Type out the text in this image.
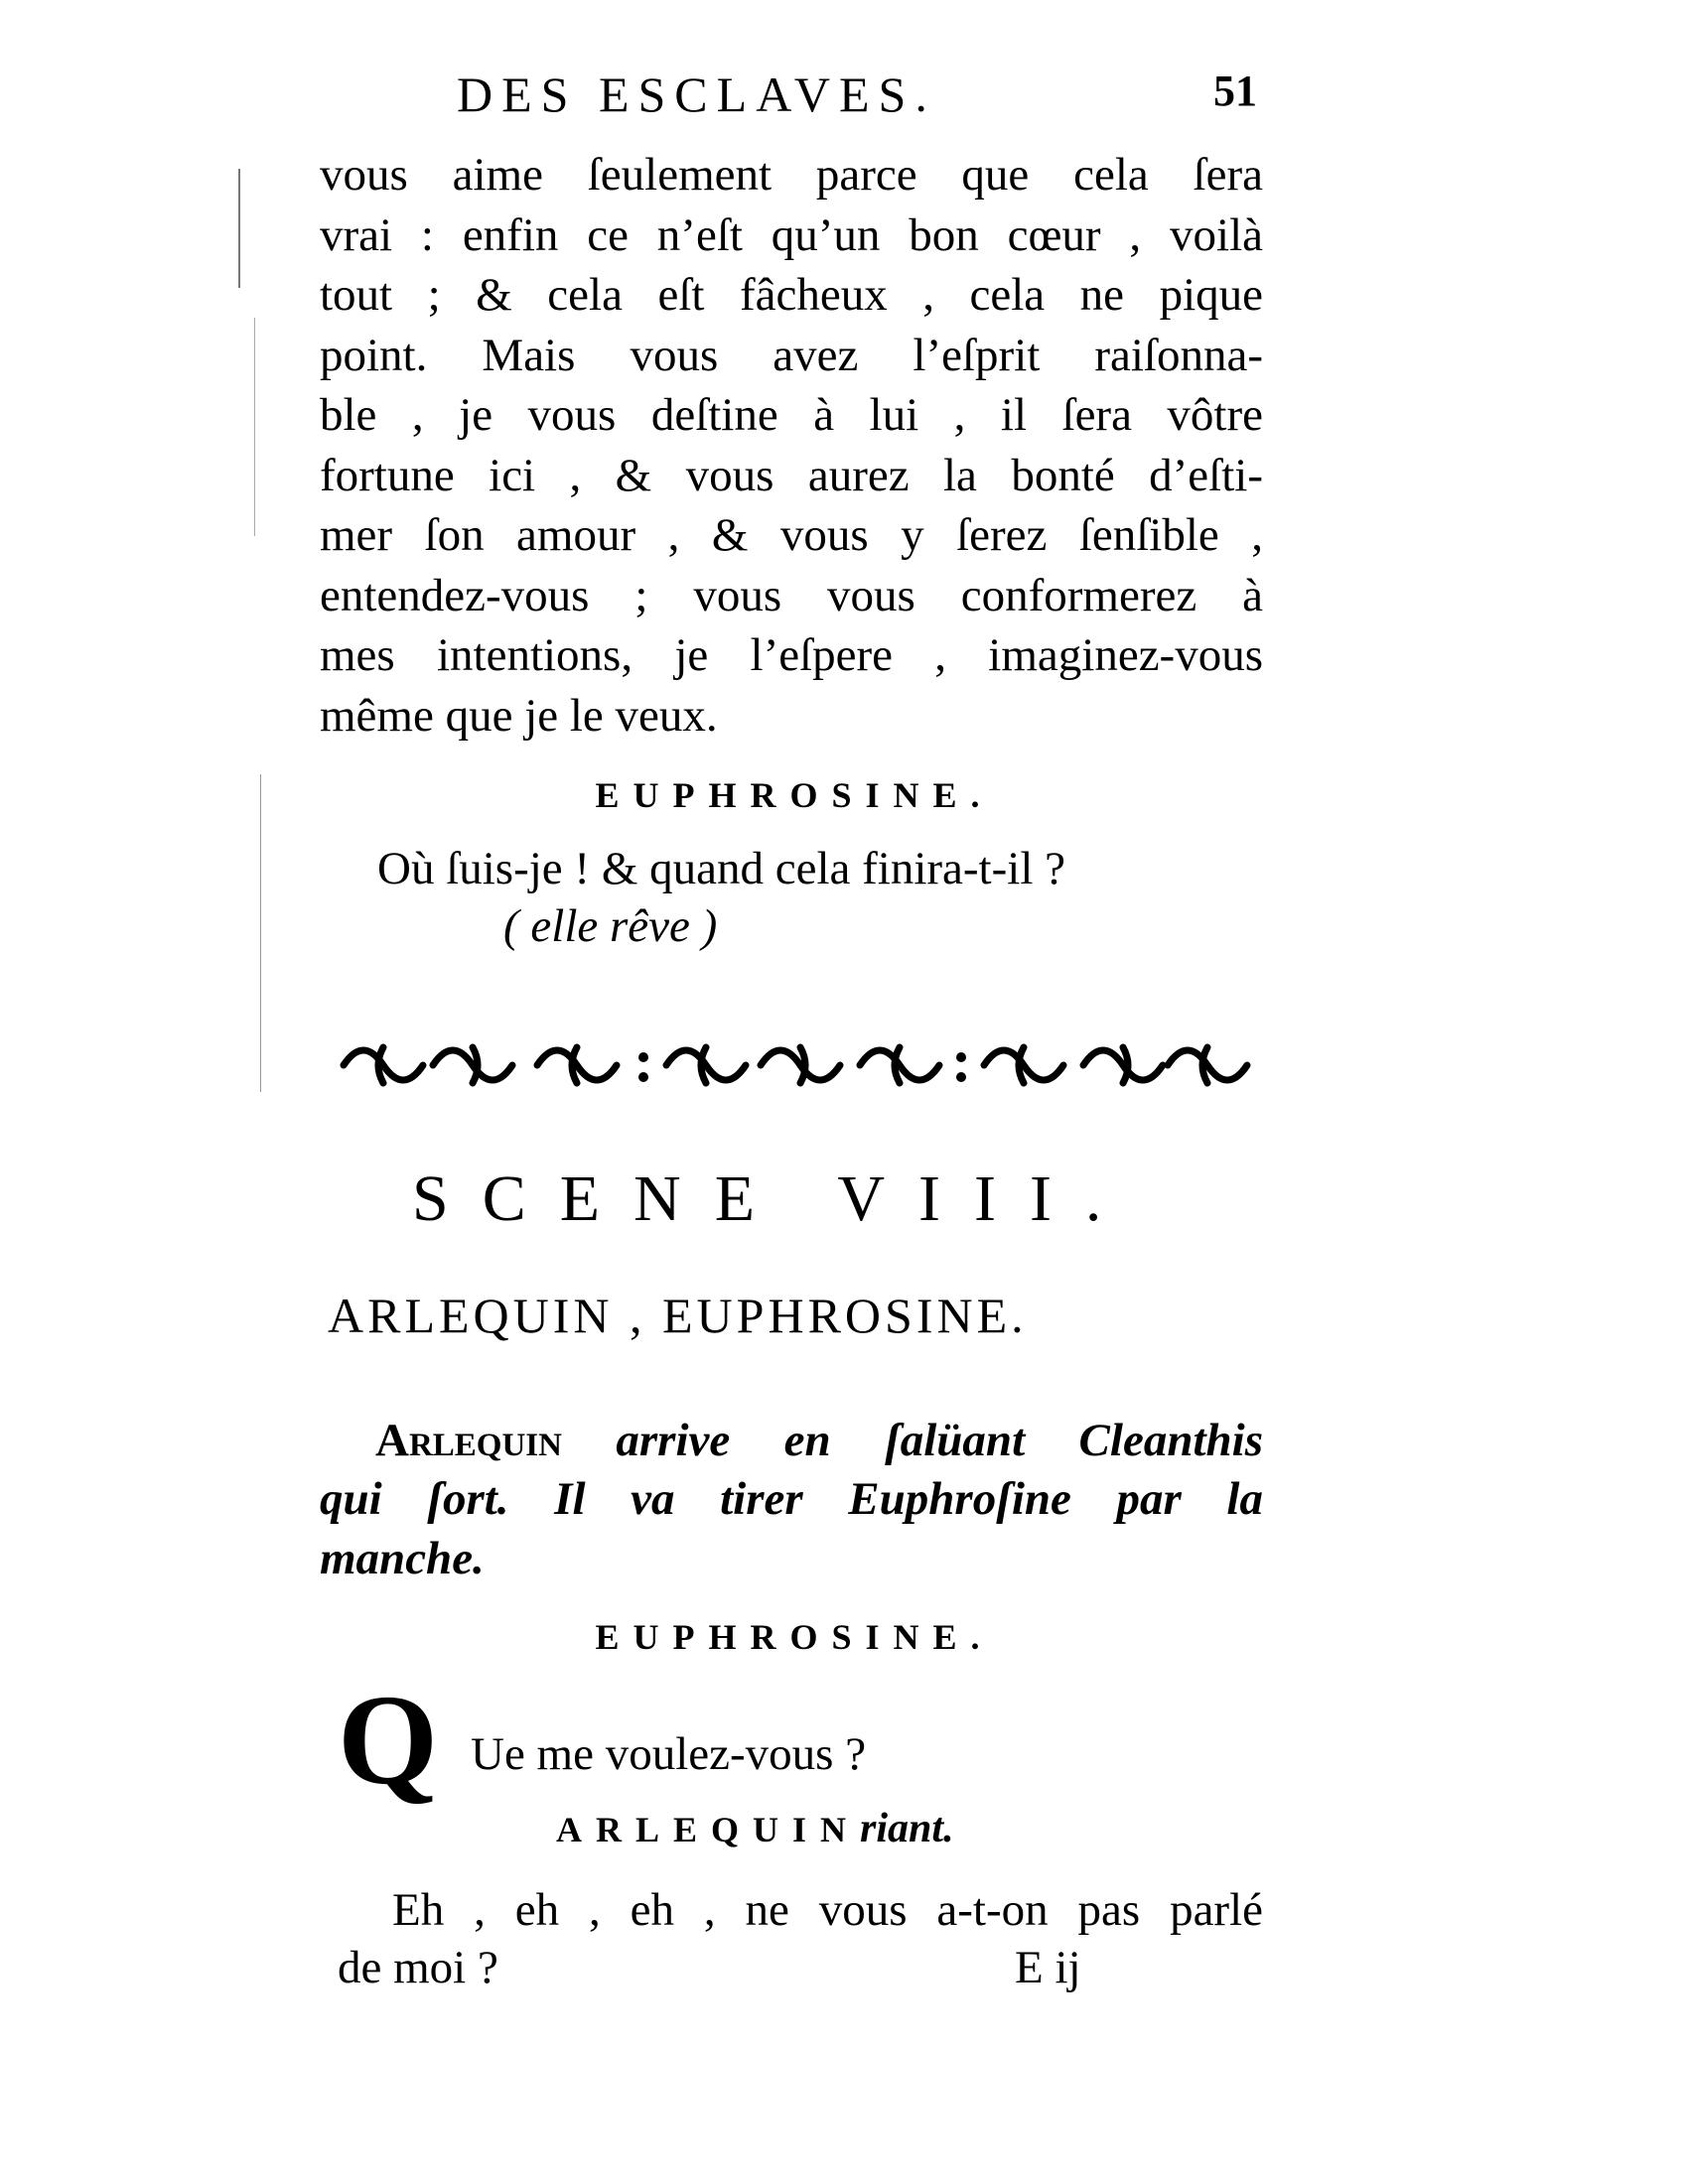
DES ESCLAVES.	51
vous aime ſeulement parce que cela ſera
vrai : enfin ce n’eſt qu’un bon cœur , voilà
tout ; & cela eſt fâcheux , cela ne pique
point. Mais vous avez l’eſprit raiſonna-
ble , je vous deſtine à lui , il ſera vôtre
fortune ici , & vous aurez la bonté d’eſti-
mer ſon amour , & vous y ſerez ſenſible ,
entendez-vous ; vous vous conformerez à
mes intentions, je l’eſpere , imaginez-vous
même que je le veux.
EUPHROSINE.
Où ſuis-je ! & quand cela finira-t-il ?
( elle rêve )
SCENE VIII.
ARLEQUIN , EUPHROSINE.
Arlequin arrive en ſalüant Cleanthis
qui ſort. Il va tirer Euphroſine par la
manche.
EUPHROSINE.
Q Ue me voulez-vous ?
ARLEQUINriant.
Eh , eh , eh , ne vous a-t-on pas parlé
de moi ?	E ij
